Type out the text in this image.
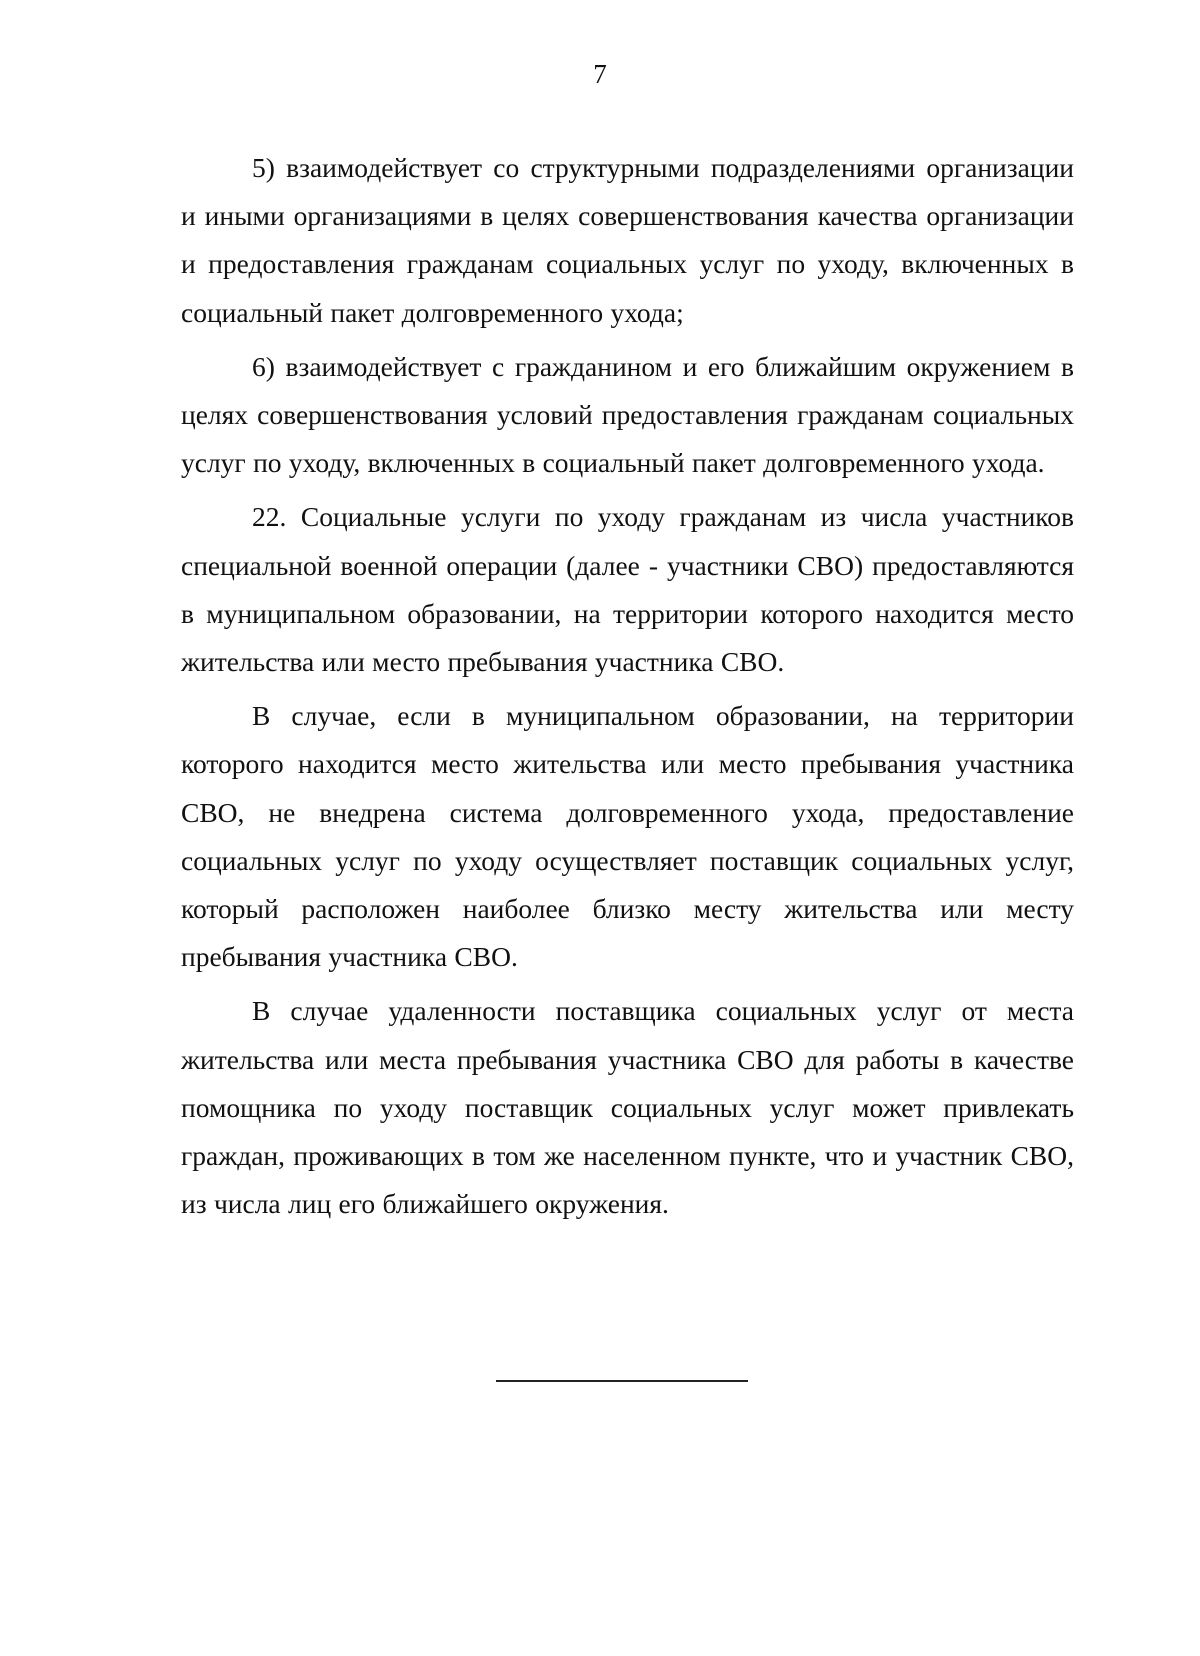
7

5) взаимодействует со структурными подразделениями организации и иными организациями в целях совершенствования качества организации и предоставления гражданам социальных услуг по уходу, включенных в социальный пакет долговременного ухода;

6) взаимодействует с гражданином и его ближайшим окружением в целях совершенствования условий предоставления гражданам социальных услуг по уходу, включенных в социальный пакет долговременного ухода.

22. Социальные услуги по уходу гражданам из числа участников специальной военной операции (далее - участники СВО) предоставляются в муниципальном образовании, на территории которого находится место жительства или место пребывания участника СВО.

В случае, если в муниципальном образовании, на территории которого находится место жительства или место пребывания участника СВО, не внедрена система долговременного ухода, предоставление социальных услуг по уходу осуществляет поставщик социальных услуг, который расположен наиболее близко месту жительства или месту пребывания участника СВО.

В случае удаленности поставщика социальных услуг от места жительства или места пребывания участника СВО для работы в качестве помощника по уходу поставщик социальных услуг может привлекать граждан, проживающих в том же населенном пункте, что и участник СВО, из числа лиц его ближайшего окружения.
